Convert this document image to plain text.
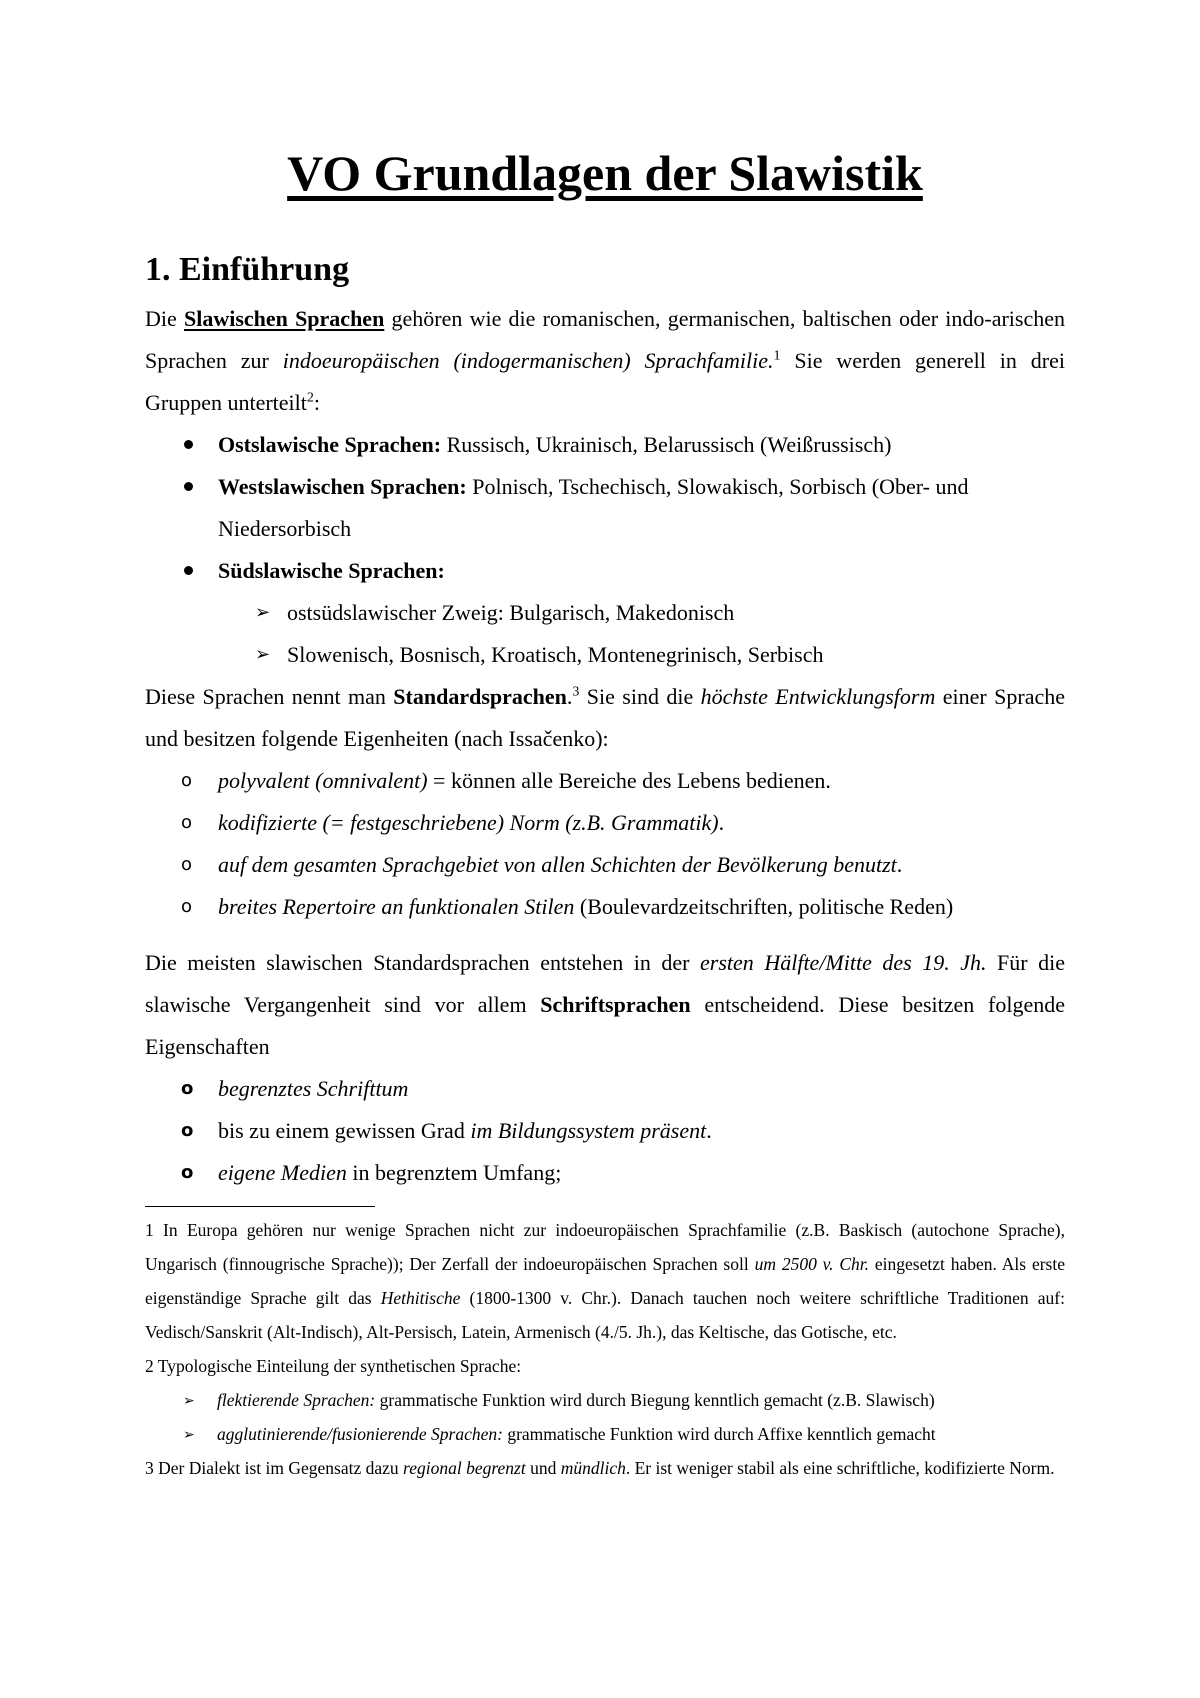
VO Grundlagen der Slawistik
1. Einführung

Die Slawischen Sprachen gehören wie die romanischen, germanischen, baltischen oder indo-arischen Sprachen zur indoeuropäischen (indogermanischen) Sprachfamilie.$^1$ Sie werden generell in drei Gruppen unterteilt$^2$:

Ostslawische Sprachen: Russisch, Ukrainisch, Belarussisch (Weißrussisch)
Westslawischen Sprachen: Polnisch, Tschechisch, Slowakisch, Sorbisch (Ober- und Niedersorbisch
Südslawische Sprachen:
➢ ostsüdslawischer Zweig: Bulgarisch, Makedonisch
➢ Slowenisch, Bosnisch, Kroatisch, Montenegrinisch, Serbisch

Diese Sprachen nennt man Standardsprachen.$^3$ Sie sind die höchste Entwicklungsform einer Sprache und besitzen folgende Eigenheiten (nach Issačenko):

o polyvalent (omnivalent) = können alle Bereiche des Lebens bedienen.
o kodifizierte (= festgeschriebene) Norm (z.B. Grammatik).
o auf dem gesamten Sprachgebiet von allen Schichten der Bevölkerung benutzt.
o breites Repertoire an funktionalen Stilen (Boulevardzeitschriften, politische Reden)

Die meisten slawischen Standardsprachen entstehen in der ersten Hälfte/Mitte des 19. Jh. Für die slawische Vergangenheit sind vor allem Schriftsprachen entscheidend. Diese besitzen folgende Eigenschaften

o begrenztes Schrifttum
o bis zu einem gewissen Grad im Bildungssystem präsent.
o eigene Medien in begrenztem Umfang;

1 In Europa gehören nur wenige Sprachen nicht zur indoeuropäischen Sprachfamilie (z.B. Baskisch (autochone Sprache), Ungarisch (finnougrische Sprache)); Der Zerfall der indoeuropäischen Sprachen soll um 2500 v. Chr. eingesetzt haben. Als erste eigenständige Sprache gilt das Hethitische (1800-1300 v. Chr.). Danach tauchen noch weitere schriftliche Traditionen auf: Vedisch/Sanskrit (Alt-Indisch), Alt-Persisch, Latein, Armenisch (4./5. Jh.), das Keltische, das Gotische, etc.

2 Typologische Einteilung der synthetischen Sprache:

➢ flektierende Sprachen: grammatische Funktion wird durch Biegung kenntlich gemacht (z.B. Slawisch)
➢ agglutinierende/fusionierende Sprachen: grammatische Funktion wird durch Affixe kenntlich gemacht

3 Der Dialekt ist im Gegensatz dazu regional begrenzt und mündlich. Er ist weniger stabil als eine schriftliche, kodifizierte Norm.
